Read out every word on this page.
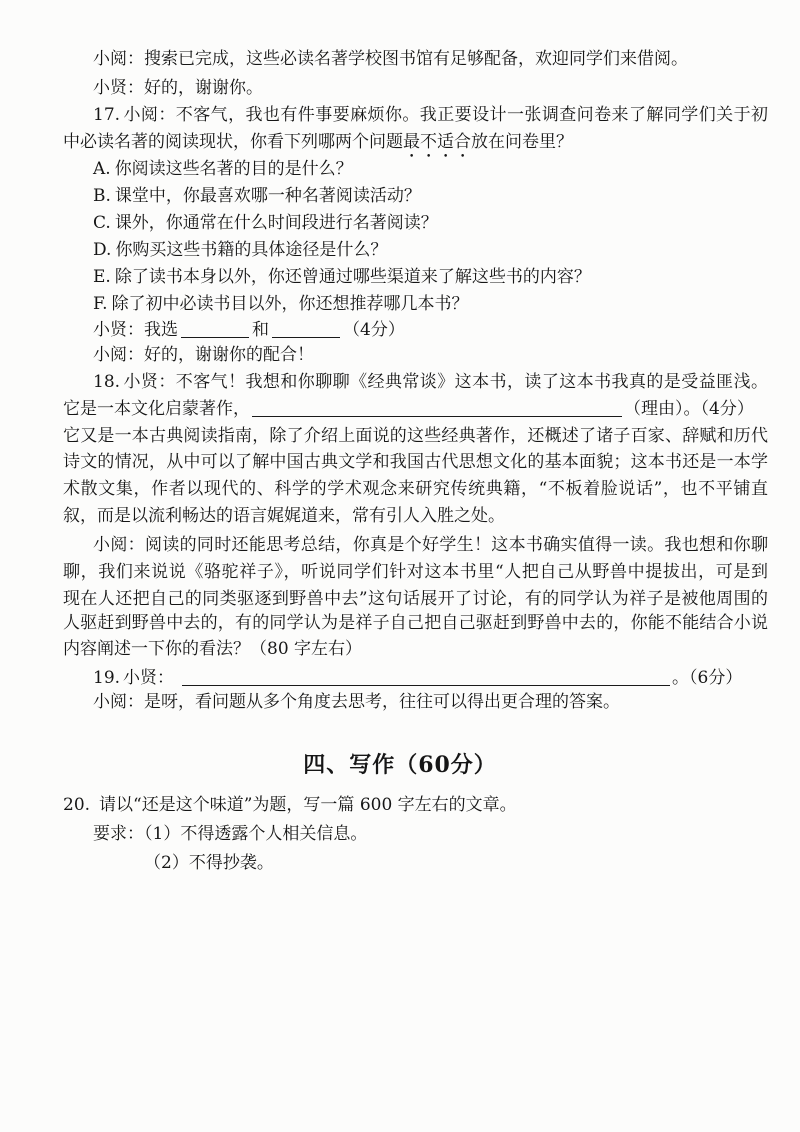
小阅：搜索已完成，这些必读名著学校图书馆有足够配备，欢迎同学们来借阅。
小贤：好的，谢谢你。
17. 小阅：不客气，我也有件事要麻烦你。我正要设计一张调查问卷来了解同学们关于初
中必读名著的阅读现状，你看下列哪两个问题最不适合放在问卷里？
A. 你阅读这些名著的目的是什么？
B. 课堂中，你最喜欢哪一种名著阅读活动？
C. 课外，你通常在什么时间段进行名著阅读？
D. 你购买这些书籍的具体途径是什么？
E. 除了读书本身以外，你还曾通过哪些渠道来了解这些书的内容？
F. 除了初中必读书目以外，你还想推荐哪几本书？
小贤：我选	和	（4分）
小阅：好的，谢谢你的配合！
18. 小贤：不客气！我想和你聊聊《经典常谈》这本书，读了这本书我真的是受益匪浅。
它是一本文化启蒙著作，	（理由）。（4分）
它又是一本古典阅读指南，除了介绍上面说的这些经典著作，还概述了诸子百家、辞赋和历代
诗文的情况，从中可以了解中国古典文学和我国古代思想文化的基本面貌；这本书还是一本学
术散文集，作者以现代的、科学的学术观念来研究传统典籍，“不板着脸说话”，也不平铺直
叙，而是以流利畅达的语言娓娓道来，常有引人入胜之处。
小阅：阅读的同时还能思考总结，你真是个好学生！这本书确实值得一读。我也想和你聊
聊，我们来说说《骆驼祥子》，听说同学们针对这本书里“人把自己从野兽中提拔出，可是到
现在人还把自己的同类驱逐到野兽中去”这句话展开了讨论，有的同学认为祥子是被他周围的
人驱赶到野兽中去的，有的同学认为是祥子自己把自己驱赶到野兽中去的，你能不能结合小说
内容阐述一下你的看法？（80 字左右）
19. 小贤：	。（6分）
小阅：是呀，看问题从多个角度去思考，往往可以得出更合理的答案。
四、写作（60分）
20. 请以“还是这个味道”为题，写一篇 600 字左右的文章。
要求：（1）不得透露个人相关信息。
（2）不得抄袭。
